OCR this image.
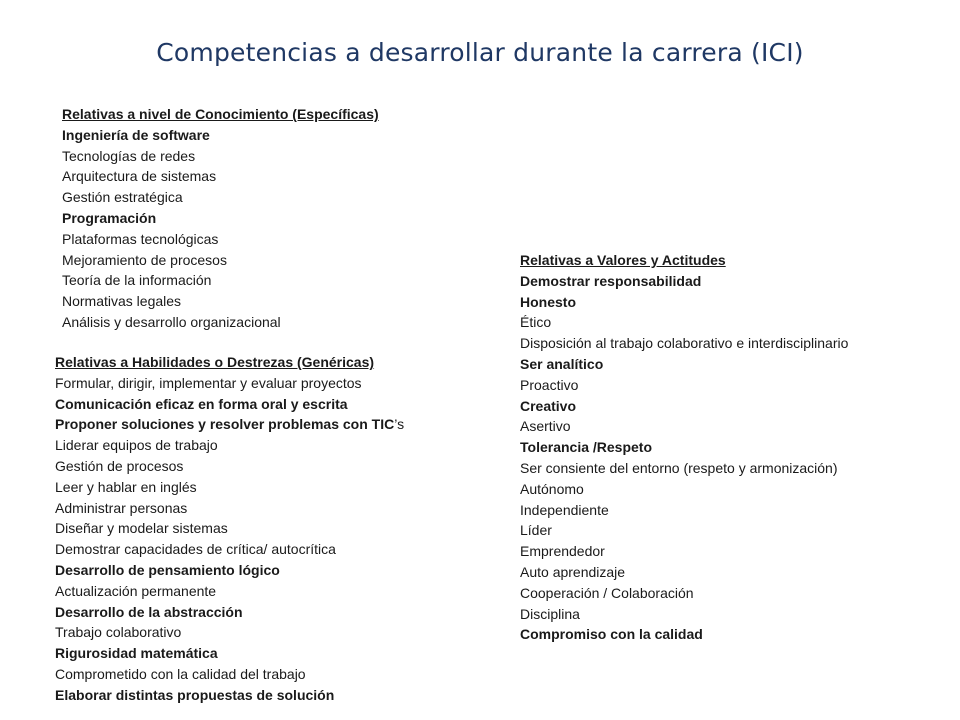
Competencias a desarrollar durante la carrera (ICI)
Relativas a nivel de Conocimiento (Específicas)
Ingeniería de software
Tecnologías de redes
Arquitectura de sistemas
Gestión estratégica
Programación
Plataformas tecnológicas
Mejoramiento de procesos
Teoría de la información
Normativas legales
Análisis y desarrollo organizacional
Relativas a Habilidades o Destrezas (Genéricas)
Formular, dirigir, implementar y evaluar proyectos
Comunicación eficaz en forma oral y escrita
Proponer soluciones y resolver problemas con TIC’s
Liderar equipos de trabajo
Gestión de procesos
Leer y hablar en inglés
Administrar personas
Diseñar y modelar sistemas
Demostrar capacidades de crítica/ autocrítica
Desarrollo de pensamiento lógico
Actualización permanente
Desarrollo de la abstracción
Trabajo colaborativo
Rigurosidad matemática
Comprometido con la calidad del trabajo
Elaborar distintas propuestas de solución
Relativas a Valores y Actitudes
Demostrar responsabilidad
Honesto
Ético
Disposición al trabajo colaborativo e interdisciplinario
Ser analítico
Proactivo
Creativo
Asertivo
Tolerancia /Respeto
Ser consiente del entorno (respeto y armonización)
Autónomo
Independiente
Líder
Emprendedor
Auto aprendizaje
Cooperación / Colaboración
Disciplina
Compromiso con la calidad
